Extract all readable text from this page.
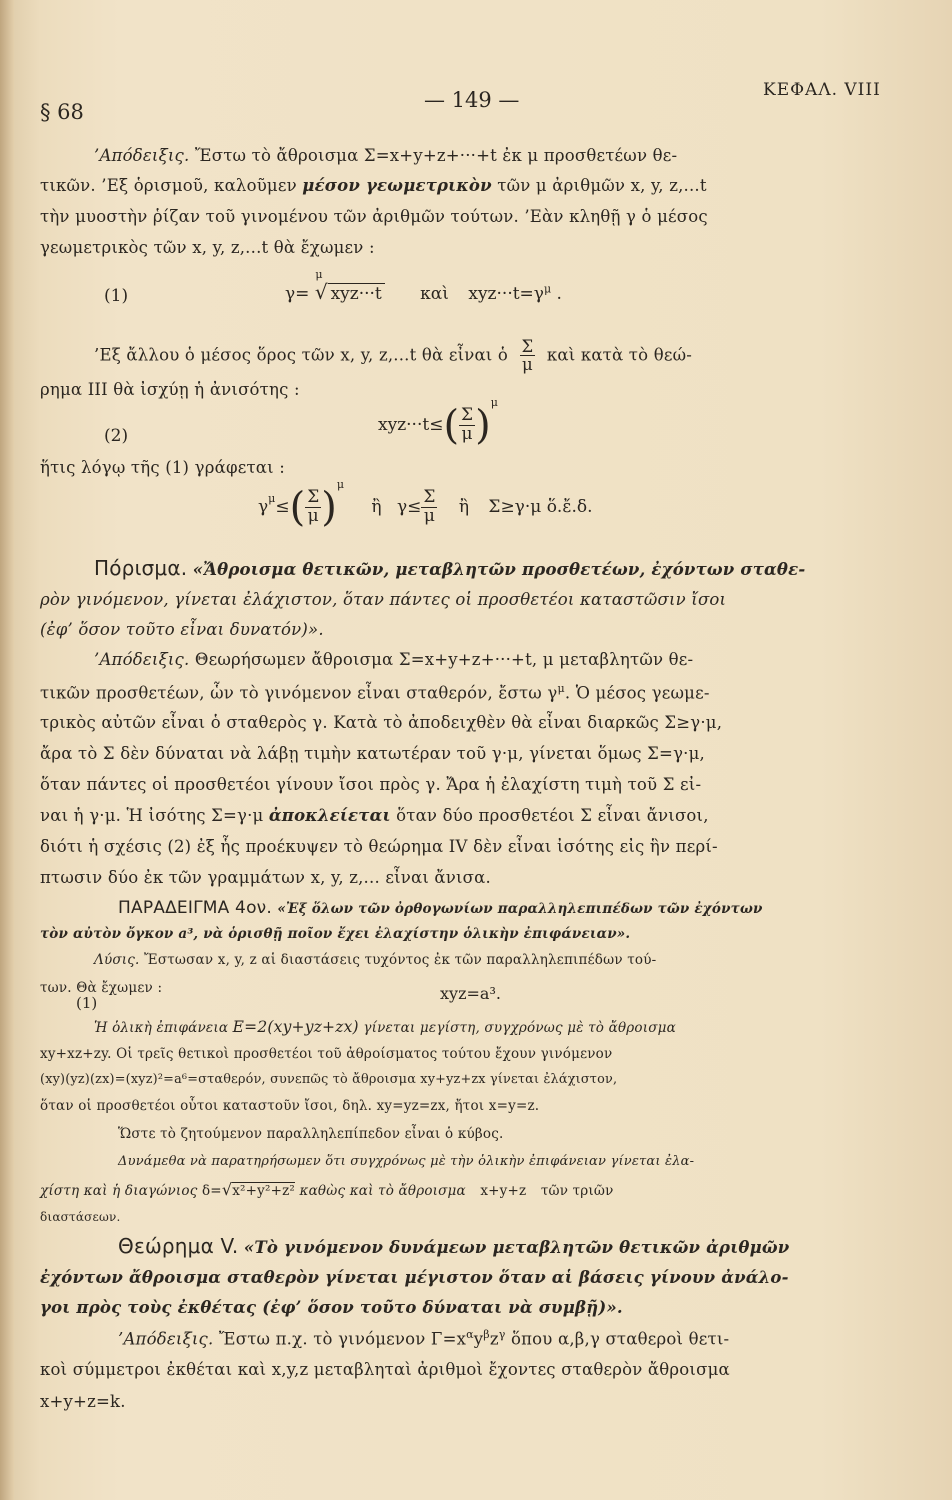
§ 68	— 149 —	ΚΕΦΑΛ. VIII
’Απόδειξις. Ἔστω τὸ ἄθροισμα Σ=x+y+z+···+t ἐκ μ προσθετέων θε-
τικῶν. ’Εξ ὁρισμοῦ, καλοῦμεν μέσον γεωμετρικὸν τῶν μ ἀριθμῶν x, y, z,...t
τὴν μυοστὴν ῥίζαν τοῦ γινομένου τῶν ἀριθμῶν τούτων. ’Εὰν κληθῇ γ ὁ μέσος
γεωμετρικὸς τῶν x, y, z,...t θὰ ἔχωμεν :
(1)	γ=
μ
√ xyz···t καὶ $xyz\cdot\cdot\cdot t=\gamma^\mu$ .
’Εξ ἄλλου ὁ μέσος ὅρος τῶν x, y, z,...t θὰ εἶναι ὁ $\frac{\Sigma}{\mu}$ καὶ κατὰ τὸ θεώ-
ρημα III θὰ ἰσχύῃ ἡ ἀνισότης :
(2)
$xyz\cdot\cdot\cdot t\le( \frac{\Sigma}{\mu} )^\mu$
ἥτις λόγῳ τῆς (1) γράφεται :
$\gamma^\mu\le( \frac{\Sigma}{\mu} )^\mu$ ἢ $\gamma\le \frac{\Sigma}{\mu}$ ἢ Σ≥γ·μ ὅ.ἔ.δ.
Πόρισμα. «Ἄθροισμα θετικῶν, μεταβλητῶν προσθετέων, ἐχόντων σταθε-
ρὸν γινόμενον, γίνεται ἐλάχιστον, ὅταν πάντες οἱ προσθετέοι καταστῶσιν ἴσοι
(ἐφ’ ὅσον τοῦτο εἶναι δυνατόν)».
’Απόδειξις. Θεωρήσωμεν ἄθροισμα Σ=x+y+z+···+t, μ μεταβλητῶν θε-
τικῶν προσθετέων, ὧν τὸ γινόμενον εἶναι σταθερόν, ἔστω $\gamma^\mu$. Ὁ μέσος γεωμε-
τρικὸς αὐτῶν εἶναι ὁ σταθερὸς γ. Κατὰ τὸ ἀποδειχθὲν θὰ εἶναι διαρκῶς Σ≥γ·μ,
ἄρα τὸ Σ δὲν δύναται νὰ λάβῃ τιμὴν κατωτέραν τοῦ γ·μ, γίνεται ὅμως Σ=γ·μ,
ὅταν πάντες οἱ προσθετέοι γίνουν ἴσοι πρὸς γ. Ἄρα ἡ ἐλαχίστη τιμὴ τοῦ Σ εἰ-
ναι ἡ γ·μ. Ἡ ἰσότης Σ=γ·μ ἀποκλείεται ὅταν δύο προσθετέοι Σ εἶναι ἄνισοι,
διότι ἡ σχέσις (2) ἐξ ἧς προέκυψεν τὸ θεώρημα IV δὲν εἶναι ἰσότης εἰς ἣν περί-
πτωσιν δύο ἐκ τῶν γραμμάτων x, y, z,... εἶναι ἄνισα.
ΠΑΡΑΔΕΙΓΜΑ 4ον. «Ἐξ ὅλων τῶν ὀρθογωνίων παραλληλεπιπέδων τῶν ἐχόντων
τὸν αὐτὸν ὄγκον a³, νὰ ὁρισθῇ ποῖον ἔχει ἐλαχίστην ὁλικὴν ἐπιφάνειαν».
Λύσις. Ἔστωσαν x, y, z αἱ διαστάσεις τυχόντος ἐκ τῶν παραλληλεπιπέδων τού-
των. Θὰ ἔχωμεν :
(1)	xyz=a³.
Ἡ ὁλικὴ ἐπιφάνεια E=2(xy+yz+zx) γίνεται μεγίστη, συγχρόνως μὲ τὸ ἄθροισμα
xy+xz+zy. Οἱ τρεῖς θετικοὶ προσθετέοι τοῦ ἀθροίσματος τούτου ἔχουν γινόμενον
(xy)(yz)(zx)=(xyz)²=a⁶=σταθερόν, συνεπῶς τὸ ἄθροισμα xy+yz+zx γίνεται ἐλάχιστον,
ὅταν οἱ προσθετέοι οὗτοι καταστοῦν ἴσοι, δηλ. xy=yz=zx, ἤτοι x=y=z.
Ὥστε τὸ ζητούμενον παραλληλεπίπεδον εἶναι ὁ κύβος.
Δυνάμεθα νὰ παρατηρήσωμεν ὅτι συγχρόνως μὲ τὴν ὁλικὴν ἐπιφάνειαν γίνεται ἐλα-
χίστη καὶ ἡ διαγώνιος δ=√x²+y²+z² καθὼς καὶ τὸ ἄθροισμα x+y+z τῶν τριῶν
διαστάσεων.
Θεώρημα V. «Τὸ γινόμενον δυνάμεων μεταβλητῶν θετικῶν ἀριθμῶν
ἐχόντων ἄθροισμα σταθερὸν γίνεται μέγιστον ὅταν αἱ βάσεις γίνουν ἀνάλο-
γοι πρὸς τοὺς ἐκθέτας (ἐφ’ ὅσον τοῦτο δύναται νὰ συμβῇ)».
’Απόδειξις. Ἔστω π.χ. τὸ γινόμενον $\Gamma=x^\alpha y^\beta z^\gamma$ ὅπου α,β,γ σταθεροὶ θετι-
κοὶ σύμμετροι ἐκθέται καὶ x,y,z μεταβληταὶ ἀριθμοὶ ἔχοντες σταθερὸν ἄθροισμα
x+y+z=k.
